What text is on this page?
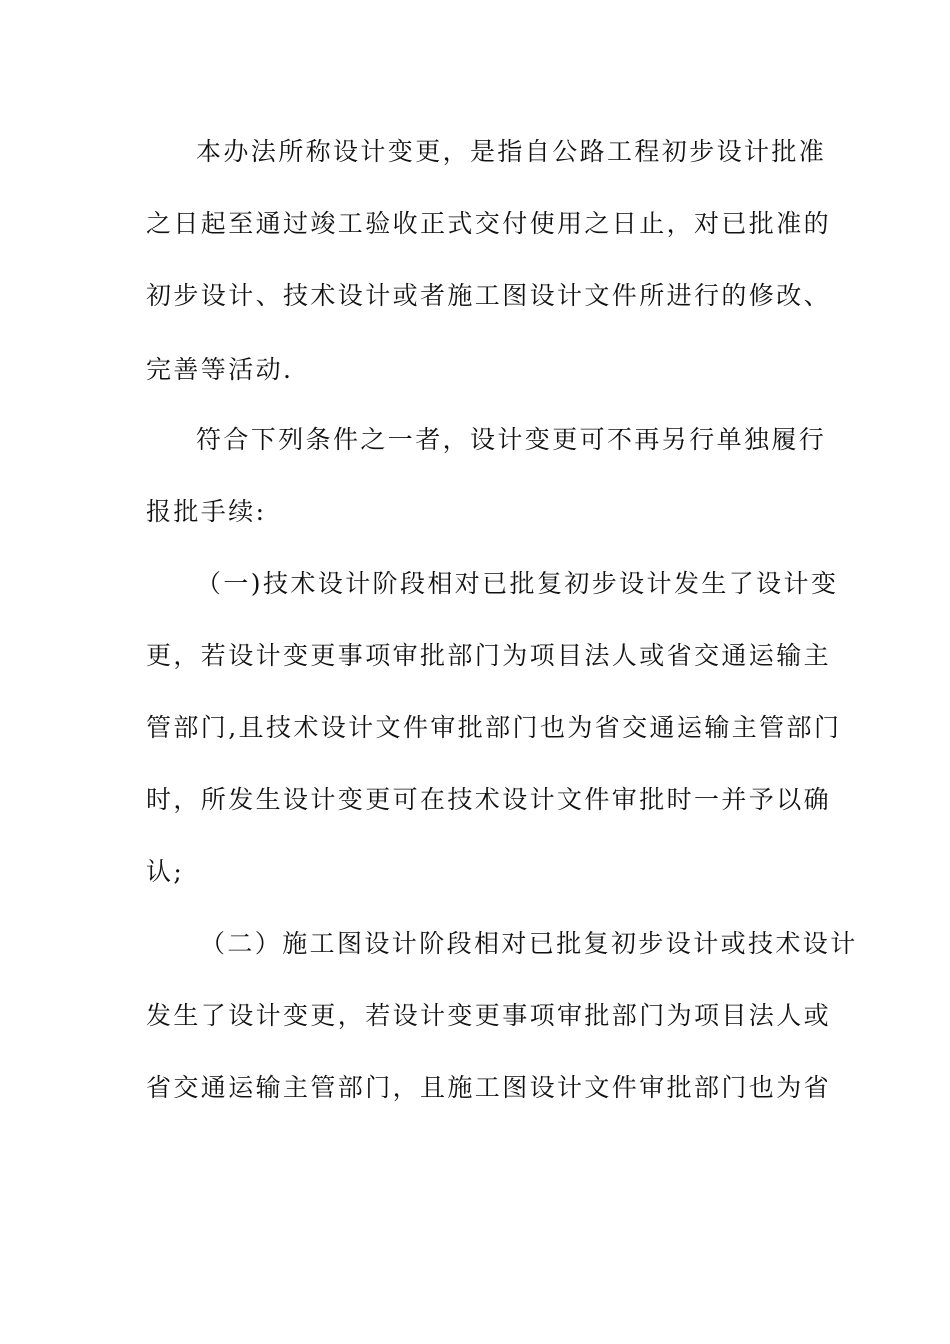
本办法所称设计变更，是指自公路工程初步设计批准
之日起至通过竣工验收正式交付使用之日止，对已批准的
初步设计、技术设计或者施工图设计文件所进行的修改、
完善等活动.
符合下列条件之一者，设计变更可不再另行单独履行
报批手续:
（一)技术设计阶段相对已批复初步设计发生了设计变
更，若设计变更事项审批部门为项目法人或省交通运输主
管部门,且技术设计文件审批部门也为省交通运输主管部门
时，所发生设计变更可在技术设计文件审批时一并予以确
认;
（二）施工图设计阶段相对已批复初步设计或技术设计
发生了设计变更，若设计变更事项审批部门为项目法人或
省交通运输主管部门，且施工图设计文件审批部门也为省
